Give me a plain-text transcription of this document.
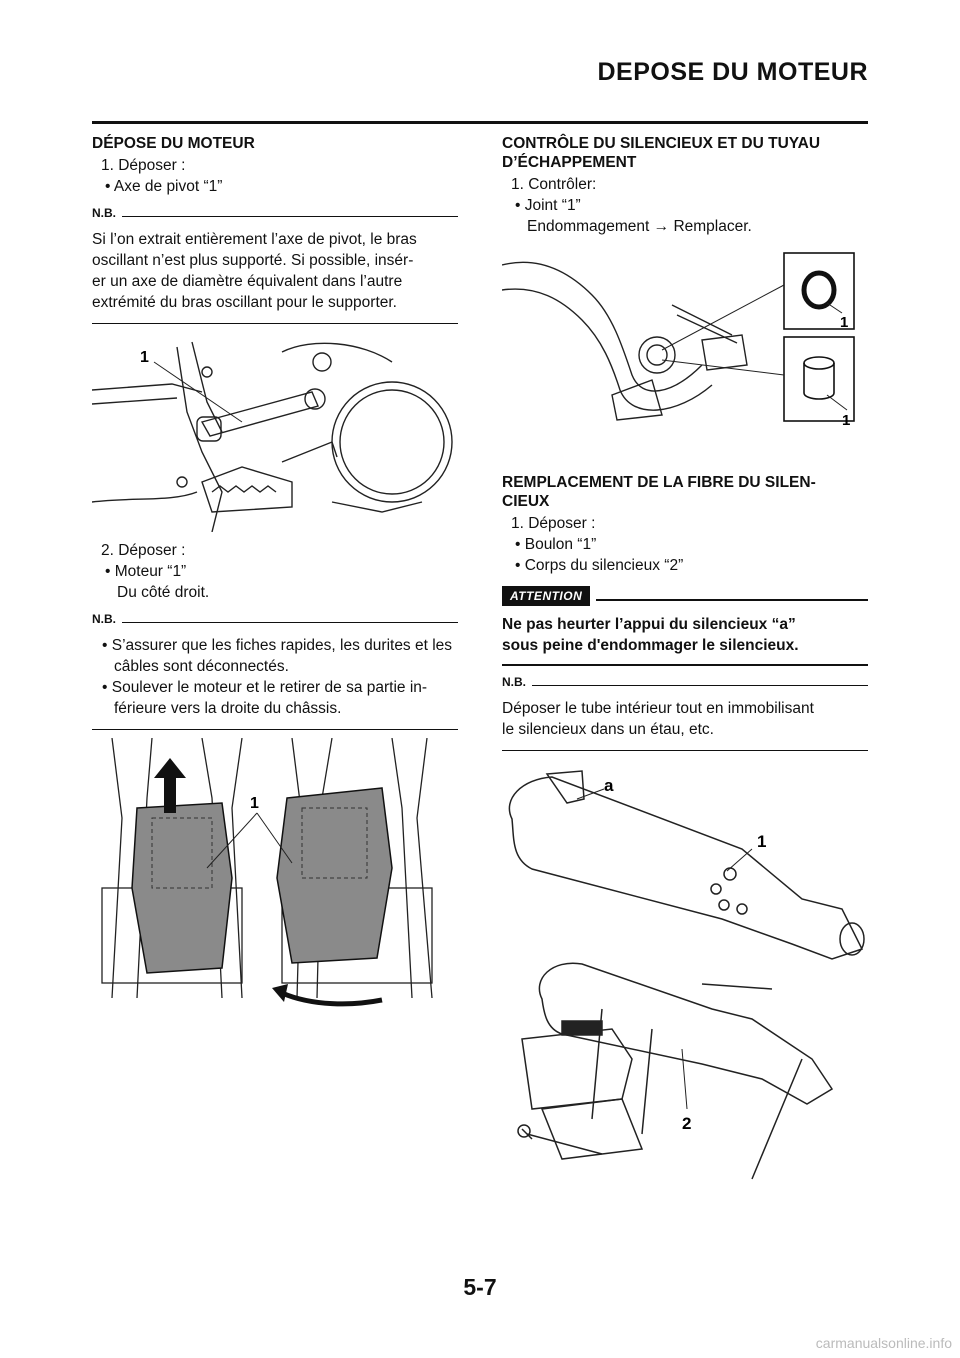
DEPOSE DU MOTEUR
DÉPOSE DU MOTEUR
1. Déposer :
• Axe de pivot “1”
N.B.
Si l’on extrait entièrement l’axe de pivot, le bras
oscillant n’est plus supporté. Si possible, insér-
er un axe de diamètre équivalent dans l’autre
extrémité du bras oscillant pour le supporter.
1
2. Déposer :
• Moteur “1”
Du côté droit.
N.B.
• S’assurer que les fiches rapides, les durites et les câbles sont déconnectés.
• Soulever le moteur et le retirer de sa partie in-férieure vers la droite du châssis.
1
CONTRÔLE DU SILENCIEUX ET DU TUYAU
D’ÉCHAPPEMENT
1. Contrôler:
• Joint “1”
Endommagement → Remplacer.
1
1
REMPLACEMENT DE LA FIBRE DU SILEN-
CIEUX
1. Déposer :
• Boulon “1”
• Corps du silencieux “2”
ATTENTION
Ne pas heurter l’appui du silencieux “a”
sous peine d'endommager le silencieux.
N.B.
Déposer le tube intérieur tout en immobilisant
le silencieux dans un étau, etc.
a
1
2
5-7
carmanualsonline.info
